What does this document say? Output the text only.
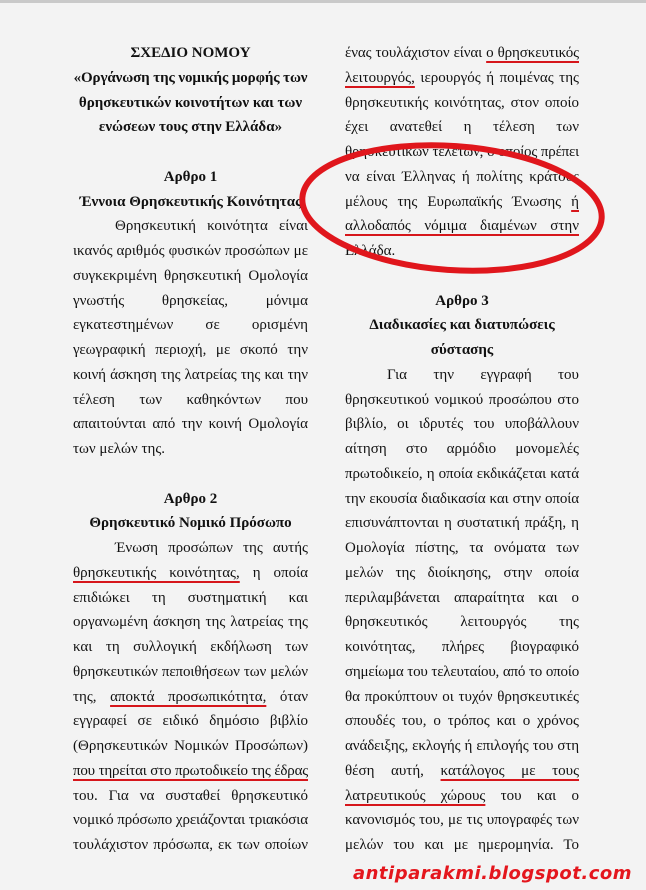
ΣΧΕΔΙΟ ΝΟΜΟΥ
«Οργάνωση της νομικής μορφής των
θρησκευτικών κοινοτήτων και των
ενώσεων τους στην Ελλάδα»
Αρθρο 1
Έννοια Θρησκευτικής Κοινότητας
Θρησκευτική κοινότητα είναι
ικανός αριθμός φυσικών προσώπων με
συγκεκριμένη θρησκευτική Ομολογία
γνωστής θρησκείας, μόνιμα
εγκατεστημένων σε ορισμένη
γεωγραφική περιοχή, με σκοπό την
κοινή άσκηση της λατρείας της και την
τέλεση των καθηκόντων που
απαιτούνται από την κοινή Ομολογία
των μελών της.
Αρθρο 2
Θρησκευτικό Νομικό Πρόσωπο
Ένωση προσώπων της αυτής
θρησκευτικής κοινότητας, η οποία
επιδιώκει τη συστηματική και
οργανωμένη άσκηση της λατρείας της
και τη συλλογική εκδήλωση των
θρησκευτικών πεποιθήσεων των μελών
της, αποκτά προσωπικότητα, όταν
εγγραφεί σε ειδικό δημόσιο βιβλίο
(Θρησκευτικών Νομικών Προσώπων)
που τηρείται στο πρωτοδικείο της έδρας
του. Για να συσταθεί θρησκευτικό
νομικό πρόσωπο χρειάζονται τριακόσια
τουλάχιστον πρόσωπα, εκ των οποίων
ένας τουλάχιστον είναι ο θρησκευτικός
λειτουργός, ιερουργός ή ποιμένας της
θρησκευτικής κοινότητας, στον οποίο
έχει ανατεθεί η τέλεση των
θρησκευτικών τελετών, ο οποίος πρέπει
να είναι Έλληνας ή πολίτης κράτους
μέλους της Ευρωπαϊκής Ένωσης ή
αλλοδαπός νόμιμα διαμένων στην
Ελλάδα.
Αρθρο 3
Διαδικασίες και διατυπώσεις
σύστασης
Για την εγγραφή του
θρησκευτικού νομικού προσώπου στο
βιβλίο, οι ιδρυτές του υποβάλλουν
αίτηση στο αρμόδιο μονομελές
πρωτοδικείο, η οποία εκδικάζεται κατά
την εκουσία διαδικασία και στην οποία
επισυνάπτονται η συστατική πράξη, η
Ομολογία πίστης, τα ονόματα των
μελών της διοίκησης, στην οποία
περιλαμβάνεται απαραίτητα και ο
θρησκευτικός λειτουργός της
κοινότητας, πλήρες βιογραφικό
σημείωμα του τελευταίου, από το οποίο
θα προκύπτουν οι τυχόν θρησκευτικές
σπουδές του, ο τρόπος και ο χρόνος
ανάδειξης, εκλογής ή επιλογής του στη
θέση αυτή, κατάλογος με τους
λατρευτικούς χώρους του και ο
κανονισμός του, με τις υπογραφές των
μελών του και με ημερομηνία. Το
antiparakmi.blogspot.com
